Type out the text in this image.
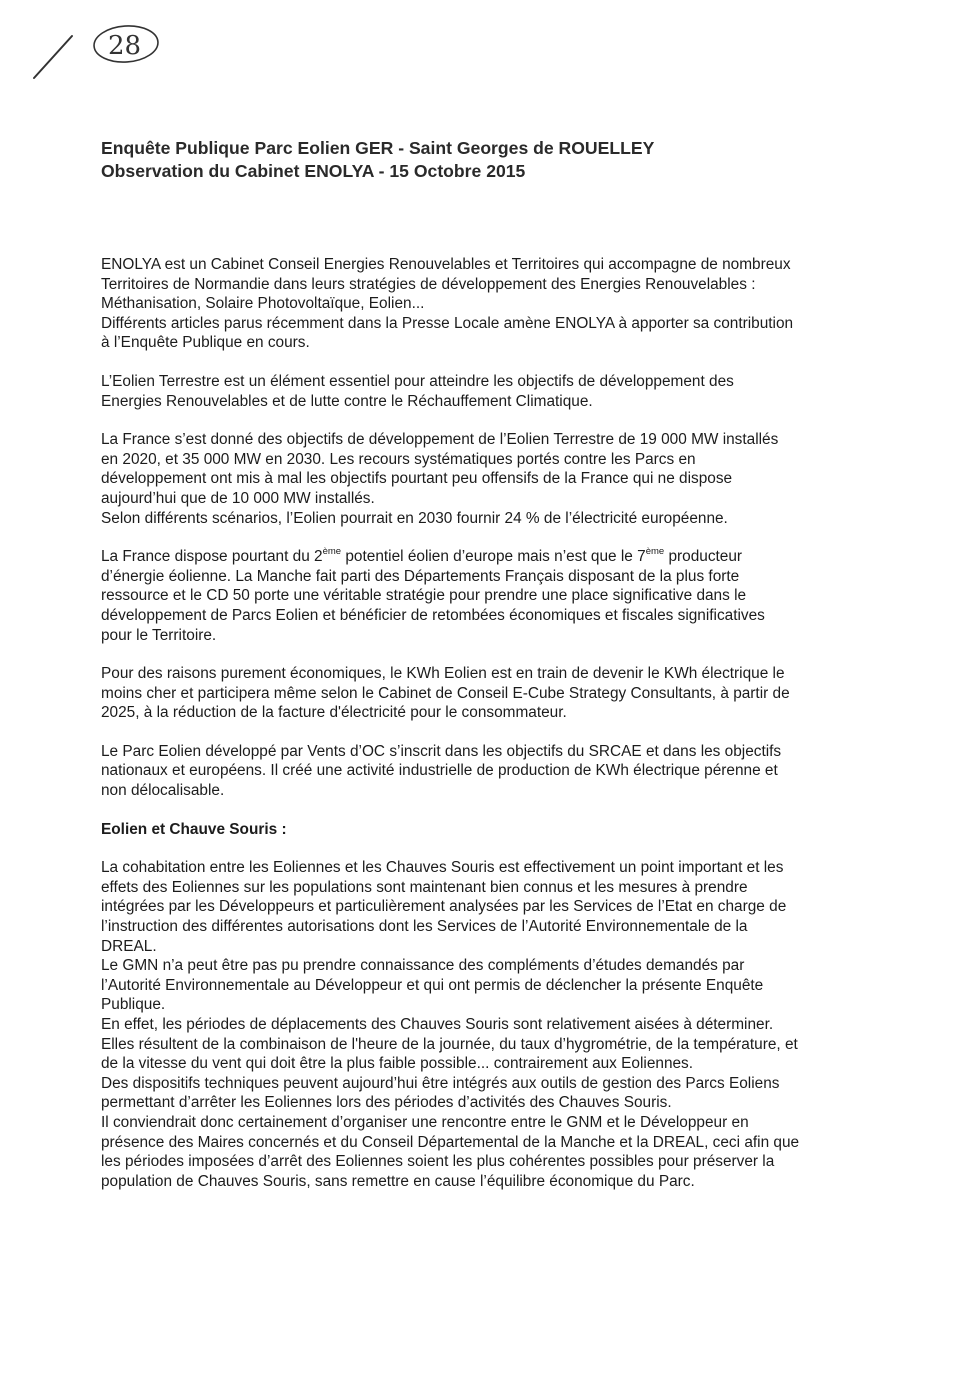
28
Enquête Publique Parc Eolien GER - Saint Georges de ROUELLEY
Observation du Cabinet ENOLYA - 15 Octobre 2015

ENOLYA est un Cabinet Conseil Energies Renouvelables et Territoires qui accompagne de nombreux
Territoires de Normandie dans leurs stratégies de développement des Energies Renouvelables :
Méthanisation, Solaire Photovoltaïque, Eolien...
Différents articles parus récemment dans la Presse Locale amène ENOLYA à apporter sa contribution
à l’Enquête Publique en cours.

L’Eolien Terrestre est un élément essentiel pour atteindre les objectifs de développement des
Energies Renouvelables et de lutte contre le Réchauffement Climatique.

La France s’est donné des objectifs de développement de l’Eolien Terrestre de 19 000 MW installés
en 2020, et 35 000 MW en 2030. Les recours systématiques portés contre les Parcs en
développement ont mis à mal les objectifs pourtant peu offensifs de la France qui ne dispose
aujourd’hui que de 10 000 MW installés.
Selon différents scénarios, l’Eolien pourrait en 2030 fournir 24 % de l’électricité européenne.

La France dispose pourtant du 2ème potentiel éolien d’europe mais n’est que le 7ème producteur
d’énergie éolienne. La Manche fait parti des Départements Français disposant de la plus forte
ressource et le CD 50 porte une véritable stratégie pour prendre une place significative dans le
développement de Parcs Eolien et bénéficier de retombées économiques et fiscales significatives
pour le Territoire.

Pour des raisons purement économiques, le KWh Eolien est en train de devenir le KWh électrique le
moins cher et participera même selon le Cabinet de Conseil E-Cube Strategy Consultants, à partir de
2025, à la réduction de la facture d'électricité pour le consommateur.

Le Parc Eolien développé par Vents d’OC s’inscrit dans les objectifs du SRCAE et dans les objectifs
nationaux et européens. Il créé une activité industrielle de production de KWh électrique pérenne et
non délocalisable.

Eolien et Chauve Souris :

La cohabitation entre les Eoliennes et les Chauves Souris est effectivement un point important et les
effets des Eoliennes sur les populations sont maintenant bien connus et les mesures à prendre
intégrées par les Développeurs et particulièrement analysées par les Services de l’Etat en charge de
l’instruction des différentes autorisations dont les Services de l’Autorité Environnementale de la
DREAL.
Le GMN n’a peut être pas pu prendre connaissance des compléments d’études demandés par
l’Autorité Environnementale au Développeur et qui ont permis de déclencher la présente Enquête
Publique.
En effet, les périodes de déplacements des Chauves Souris sont relativement aisées à déterminer.
Elles résultent de la combinaison de l'heure de la journée, du taux d’hygrométrie, de la température, et
de la vitesse du vent qui doit être la plus faible possible... contrairement aux Eoliennes.
Des dispositifs techniques peuvent aujourd’hui être intégrés aux outils de gestion des Parcs Eoliens
permettant d’arrêter les Eoliennes lors des périodes d’activités des Chauves Souris.
Il conviendrait donc certainement d’organiser une rencontre entre le GNM et le Développeur en
présence des Maires concernés et du Conseil Départemental de la Manche et la DREAL, ceci afin que
les périodes imposées d’arrêt des Eoliennes soient les plus cohérentes possibles pour préserver la
population de Chauves Souris, sans remettre en cause l’équilibre économique du Parc.
